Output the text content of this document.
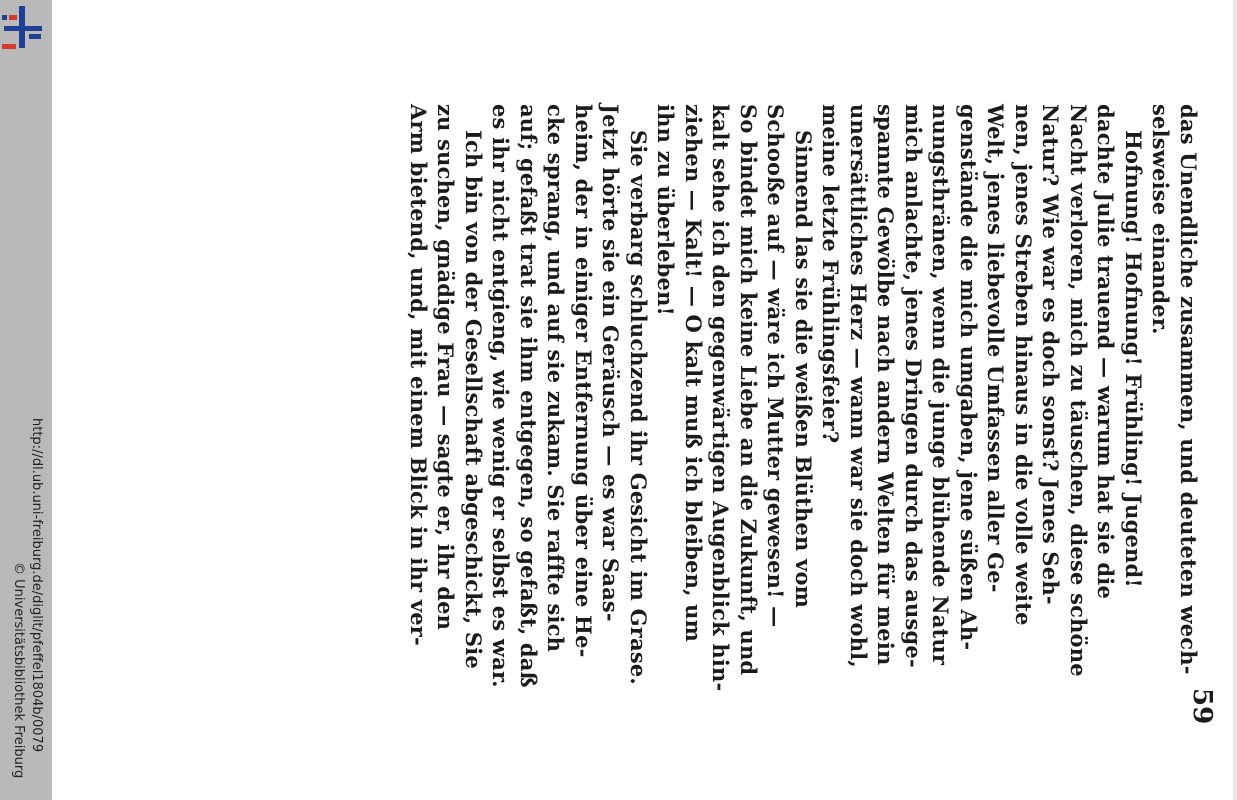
http://dl.ub.uni-freiburg.de/diglit/pfeffel1804b/0079
© Universitätsbibliothek Freiburg	59
das Unendliche zusammen, und deuteten wech-
selsweise einander.
Hofnung! Hofnung! Frühling! Jugend!
dachte Julie trauend — warum hat sie die
Nacht verloren, mich zu täuschen, diese schöne
Natur? Wie war es doch sonst? Jenes Seh-
nen, jenes Streben hinaus in die volle weite
Welt, jenes liebevolle Umfassen aller Ge-
genstände die mich umgaben, jene süßen Ah-
nungsthränen, wenn die junge blühende Natur
mich anlachte, jenes Dringen durch das ausge-
spannte Gewölbe nach andern Welten für mein
unersättliches Herz — wann war sie doch wohl,
meine letzte Frühlingsfeier?
Sinnend las sie die weißen Blüthen vom
Schooße auf — wäre ich Mutter gewesen! —
So bindet mich keine Liebe an die Zukunft, und
kalt sehe ich den gegenwärtigen Augenblick hin-
ziehen — Kalt! — O kalt muß ich bleiben, um
ihn zu überleben!
Sie verbarg schluchzend ihr Gesicht im Grase.
Jetzt hörte sie ein Geräusch — es war Saas-
heim, der in einiger Entfernung über eine He-
cke sprang, und auf sie zukam. Sie raffte sich
auf; gefaßt trat sie ihm entgegen, so gefaßt, daß
es ihr nicht entgieng, wie wenig er selbst es war.
Ich bin von der Gesellschaft abgeschickt, Sie
zu suchen, gnädige Frau — sagte er, ihr den
Arm bietend, und, mit einem Blick in ihr ver-
